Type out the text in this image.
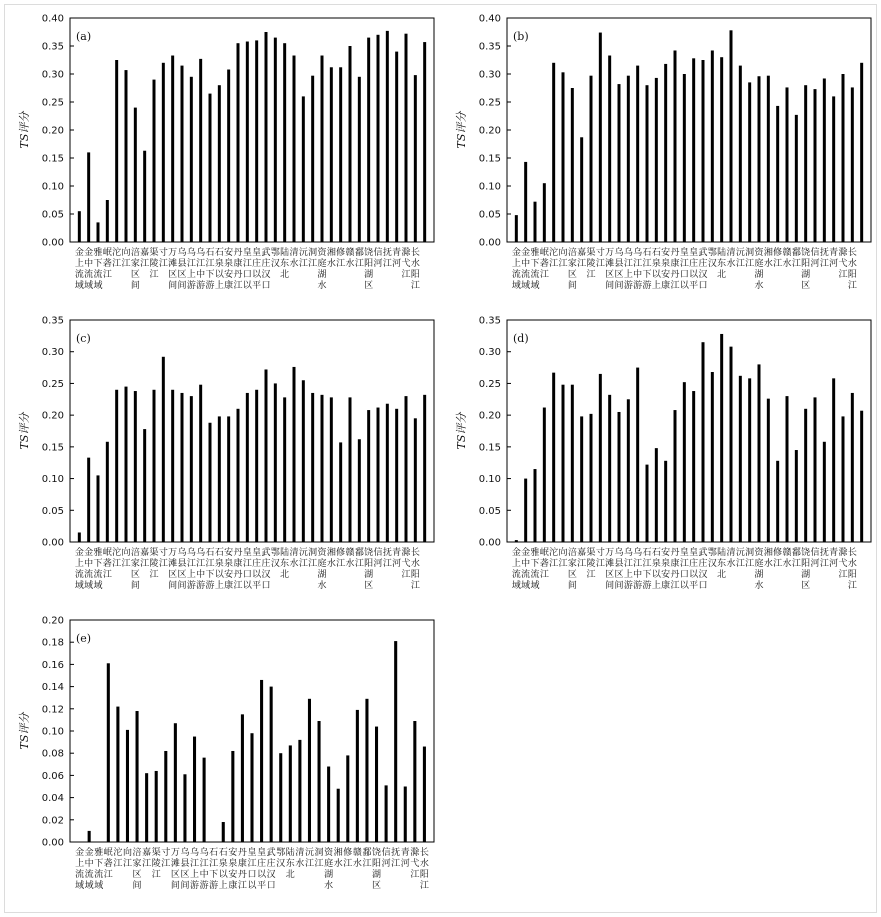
0.00
0.05
0.10
0.15
0.20
0.25
0.30
0.35
0.40
TS评分
(a)
金
上
流
域
金
中
流
域
雅
下
流
域
岷
砻
江
沱
江
向
江
涪
家
区
间
嘉
江
渠
陵
江
寸
江
万
滩
区
间
乌
县
区
间
乌
江
上
游
乌
江
中
游
石
江
下
游
石
泉
以
上
安
泉
安
康
丹
康
丹
江
皇
江
口
以
皇
庄
以
平
武
庄
汉
口
鄂
汉
陆
东
北
清
水
沅
江
洞
江
资
庭
湖
水
湘
水
修
江
赣
水
鄱
江
饶
阳
湖
区
信
河
抚
江
青
河
滁
弋
江
长
水
阳
江
0.00
0.05
0.10
0.15
0.20
0.25
0.30
0.35
0.40
TS评分
(b)
金
上
流
域
金
中
流
域
雅
下
流
域
岷
砻
江
沱
江
向
江
涪
家
区
间
嘉
江
渠
陵
江
寸
江
万
滩
区
间
乌
县
区
间
乌
江
上
游
乌
江
中
游
石
江
下
游
石
泉
以
上
安
泉
安
康
丹
康
丹
江
皇
江
口
以
皇
庄
以
平
武
庄
汉
口
鄂
汉
陆
东
北
清
水
沅
江
洞
江
资
庭
湖
水
湘
水
修
江
赣
水
鄱
江
饶
阳
湖
区
信
河
抚
江
青
河
滁
弋
江
长
水
阳
江
0.00
0.05
0.10
0.15
0.20
0.25
0.30
0.35
TS评分
(c)
金
上
流
域
金
中
流
域
雅
下
流
域
岷
砻
江
沱
江
向
江
涪
家
区
间
嘉
江
渠
陵
江
寸
江
万
滩
区
间
乌
县
区
间
乌
江
上
游
乌
江
中
游
石
江
下
游
石
泉
以
上
安
泉
安
康
丹
康
丹
江
皇
江
口
以
皇
庄
以
平
武
庄
汉
口
鄂
汉
陆
东
北
清
水
沅
江
洞
江
资
庭
湖
水
湘
水
修
江
赣
水
鄱
江
饶
阳
湖
区
信
河
抚
江
青
河
滁
弋
江
长
水
阳
江
0.00
0.05
0.10
0.15
0.20
0.25
0.30
0.35
TS评分
(d)
金
上
流
域
金
中
流
域
雅
下
流
域
岷
砻
江
沱
江
向
江
涪
家
区
间
嘉
江
渠
陵
江
寸
江
万
滩
区
间
乌
县
区
间
乌
江
上
游
乌
江
中
游
石
江
下
游
石
泉
以
上
安
泉
安
康
丹
康
丹
江
皇
江
口
以
皇
庄
以
平
武
庄
汉
口
鄂
汉
陆
东
北
清
水
沅
江
洞
江
资
庭
湖
水
湘
水
修
江
赣
水
鄱
江
饶
阳
湖
区
信
河
抚
江
青
河
滁
弋
江
长
水
阳
江
0.00
0.02
0.04
0.06
0.08
0.10
0.12
0.14
0.16
0.18
0.20
TS评分
(e)
金
上
流
域
金
中
流
域
雅
下
流
域
岷
砻
江
沱
江
向
江
涪
家
区
间
嘉
江
渠
陵
江
寸
江
万
滩
区
间
乌
县
区
间
乌
江
上
游
乌
江
中
游
石
江
下
游
石
泉
以
上
安
泉
安
康
丹
康
丹
江
皇
江
口
以
皇
庄
以
平
武
庄
汉
口
鄂
汉
陆
东
北
清
水
沅
江
洞
江
资
庭
湖
水
湘
水
修
江
赣
水
鄱
江
饶
阳
湖
区
信
河
抚
江
青
河
滁
弋
江
长
水
阳
江
